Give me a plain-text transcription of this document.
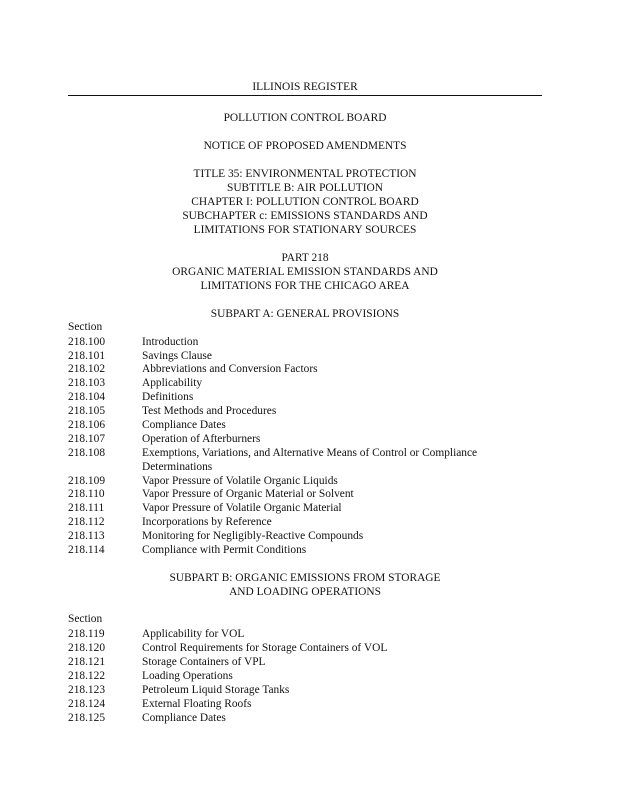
ILLINOIS REGISTER
POLLUTION CONTROL BOARD
NOTICE OF PROPOSED AMENDMENTS
TITLE 35: ENVIRONMENTAL PROTECTION
SUBTITLE B: AIR POLLUTION
CHAPTER I: POLLUTION CONTROL BOARD
SUBCHAPTER c: EMISSIONS STANDARDS AND
LIMITATIONS FOR STATIONARY SOURCES
PART 218
ORGANIC MATERIAL EMISSION STANDARDS AND
LIMITATIONS FOR THE CHICAGO AREA
SUBPART A: GENERAL PROVISIONS
Section
218.100	Introduction
218.101	Savings Clause
218.102	Abbreviations and Conversion Factors
218.103	Applicability
218.104	Definitions
218.105	Test Methods and Procedures
218.106	Compliance Dates
218.107	Operation of Afterburners
218.108	Exemptions, Variations, and Alternative Means of Control or Compliance Determinations
218.109	Vapor Pressure of Volatile Organic Liquids
218.110	Vapor Pressure of Organic Material or Solvent
218.111	Vapor Pressure of Volatile Organic Material
218.112	Incorporations by Reference
218.113	Monitoring for Negligibly-Reactive Compounds
218.114	Compliance with Permit Conditions
SUBPART B: ORGANIC EMISSIONS FROM STORAGE
AND LOADING OPERATIONS
Section
218.119	Applicability for VOL
218.120	Control Requirements for Storage Containers of VOL
218.121	Storage Containers of VPL
218.122	Loading Operations
218.123	Petroleum Liquid Storage Tanks
218.124	External Floating Roofs
218.125	Compliance Dates
